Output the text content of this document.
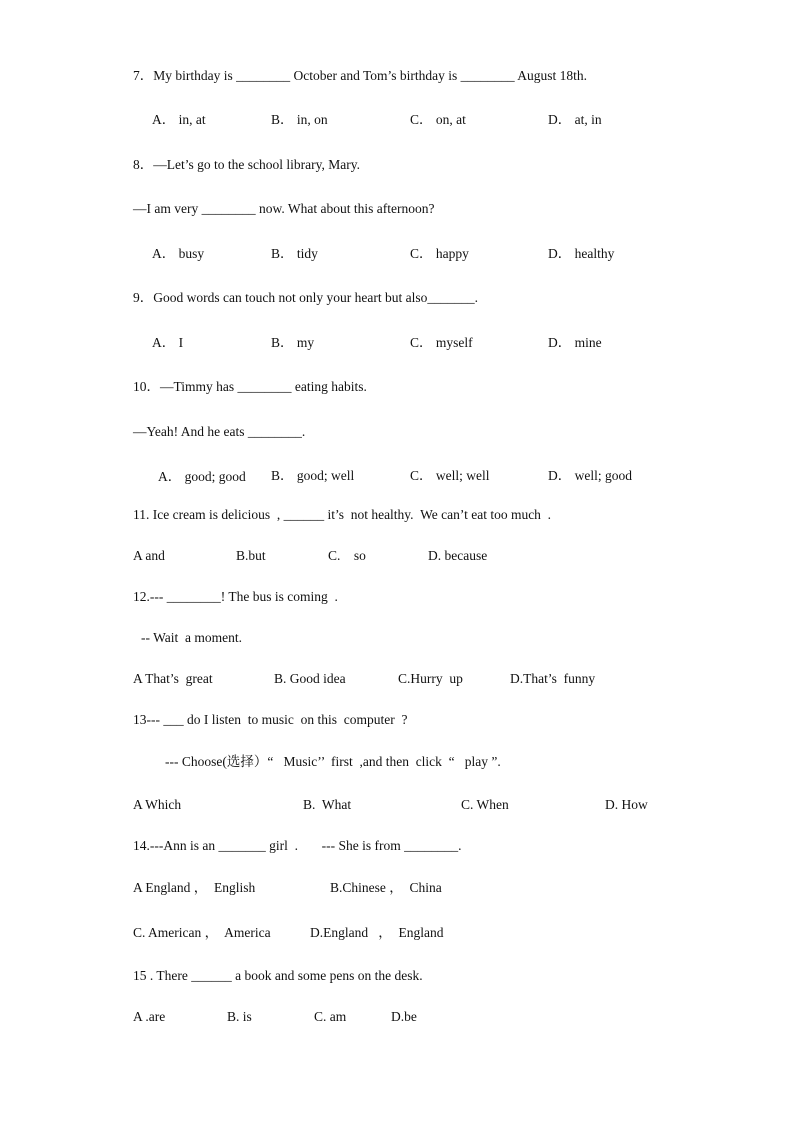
7．My birthday is ________ October and Tom’s birthday is ________ August 18th.
A． in, at	B． in, on	C． on, at	D． at, in
8．—Let’s go to the school library, Mary.
—I am very ________ now. What about this afternoon?
A． busy	B． tidy	C． happy	D． healthy
9．Good words can touch not only your heart but also_______.
A． I	B． my	C． myself	D． mine
10．—Timmy has ________ eating habits.
—Yeah! And he eats ________.
A． good; good B． good; well	C． well; well	D． well; good
11. Ice cream is delicious  , ______ it’s  not healthy.  We can’t eat too much  .
A and	B.but	C.    so	D. because
12.--- ________! The bus is coming  .
-- Wait  a moment.
A That’s  great	B. Good idea	C.Hurry  up	D.That’s  funny
13--- ___ do I listen  to music  on this  computer  ?
--- Choose(选择）“   Music’’  first  ,and then  click  “   play ”.
A Which	B.  What	C. When	D. How
14.---Ann is an _______ girl  .       --- She is from ________.
A England ，  English	B.Chinese ，  China
C. American ，  America	D.England   ，  England
15 . There ______ a book and some pens on the desk.
A .are	B. is	C. am	D.be
